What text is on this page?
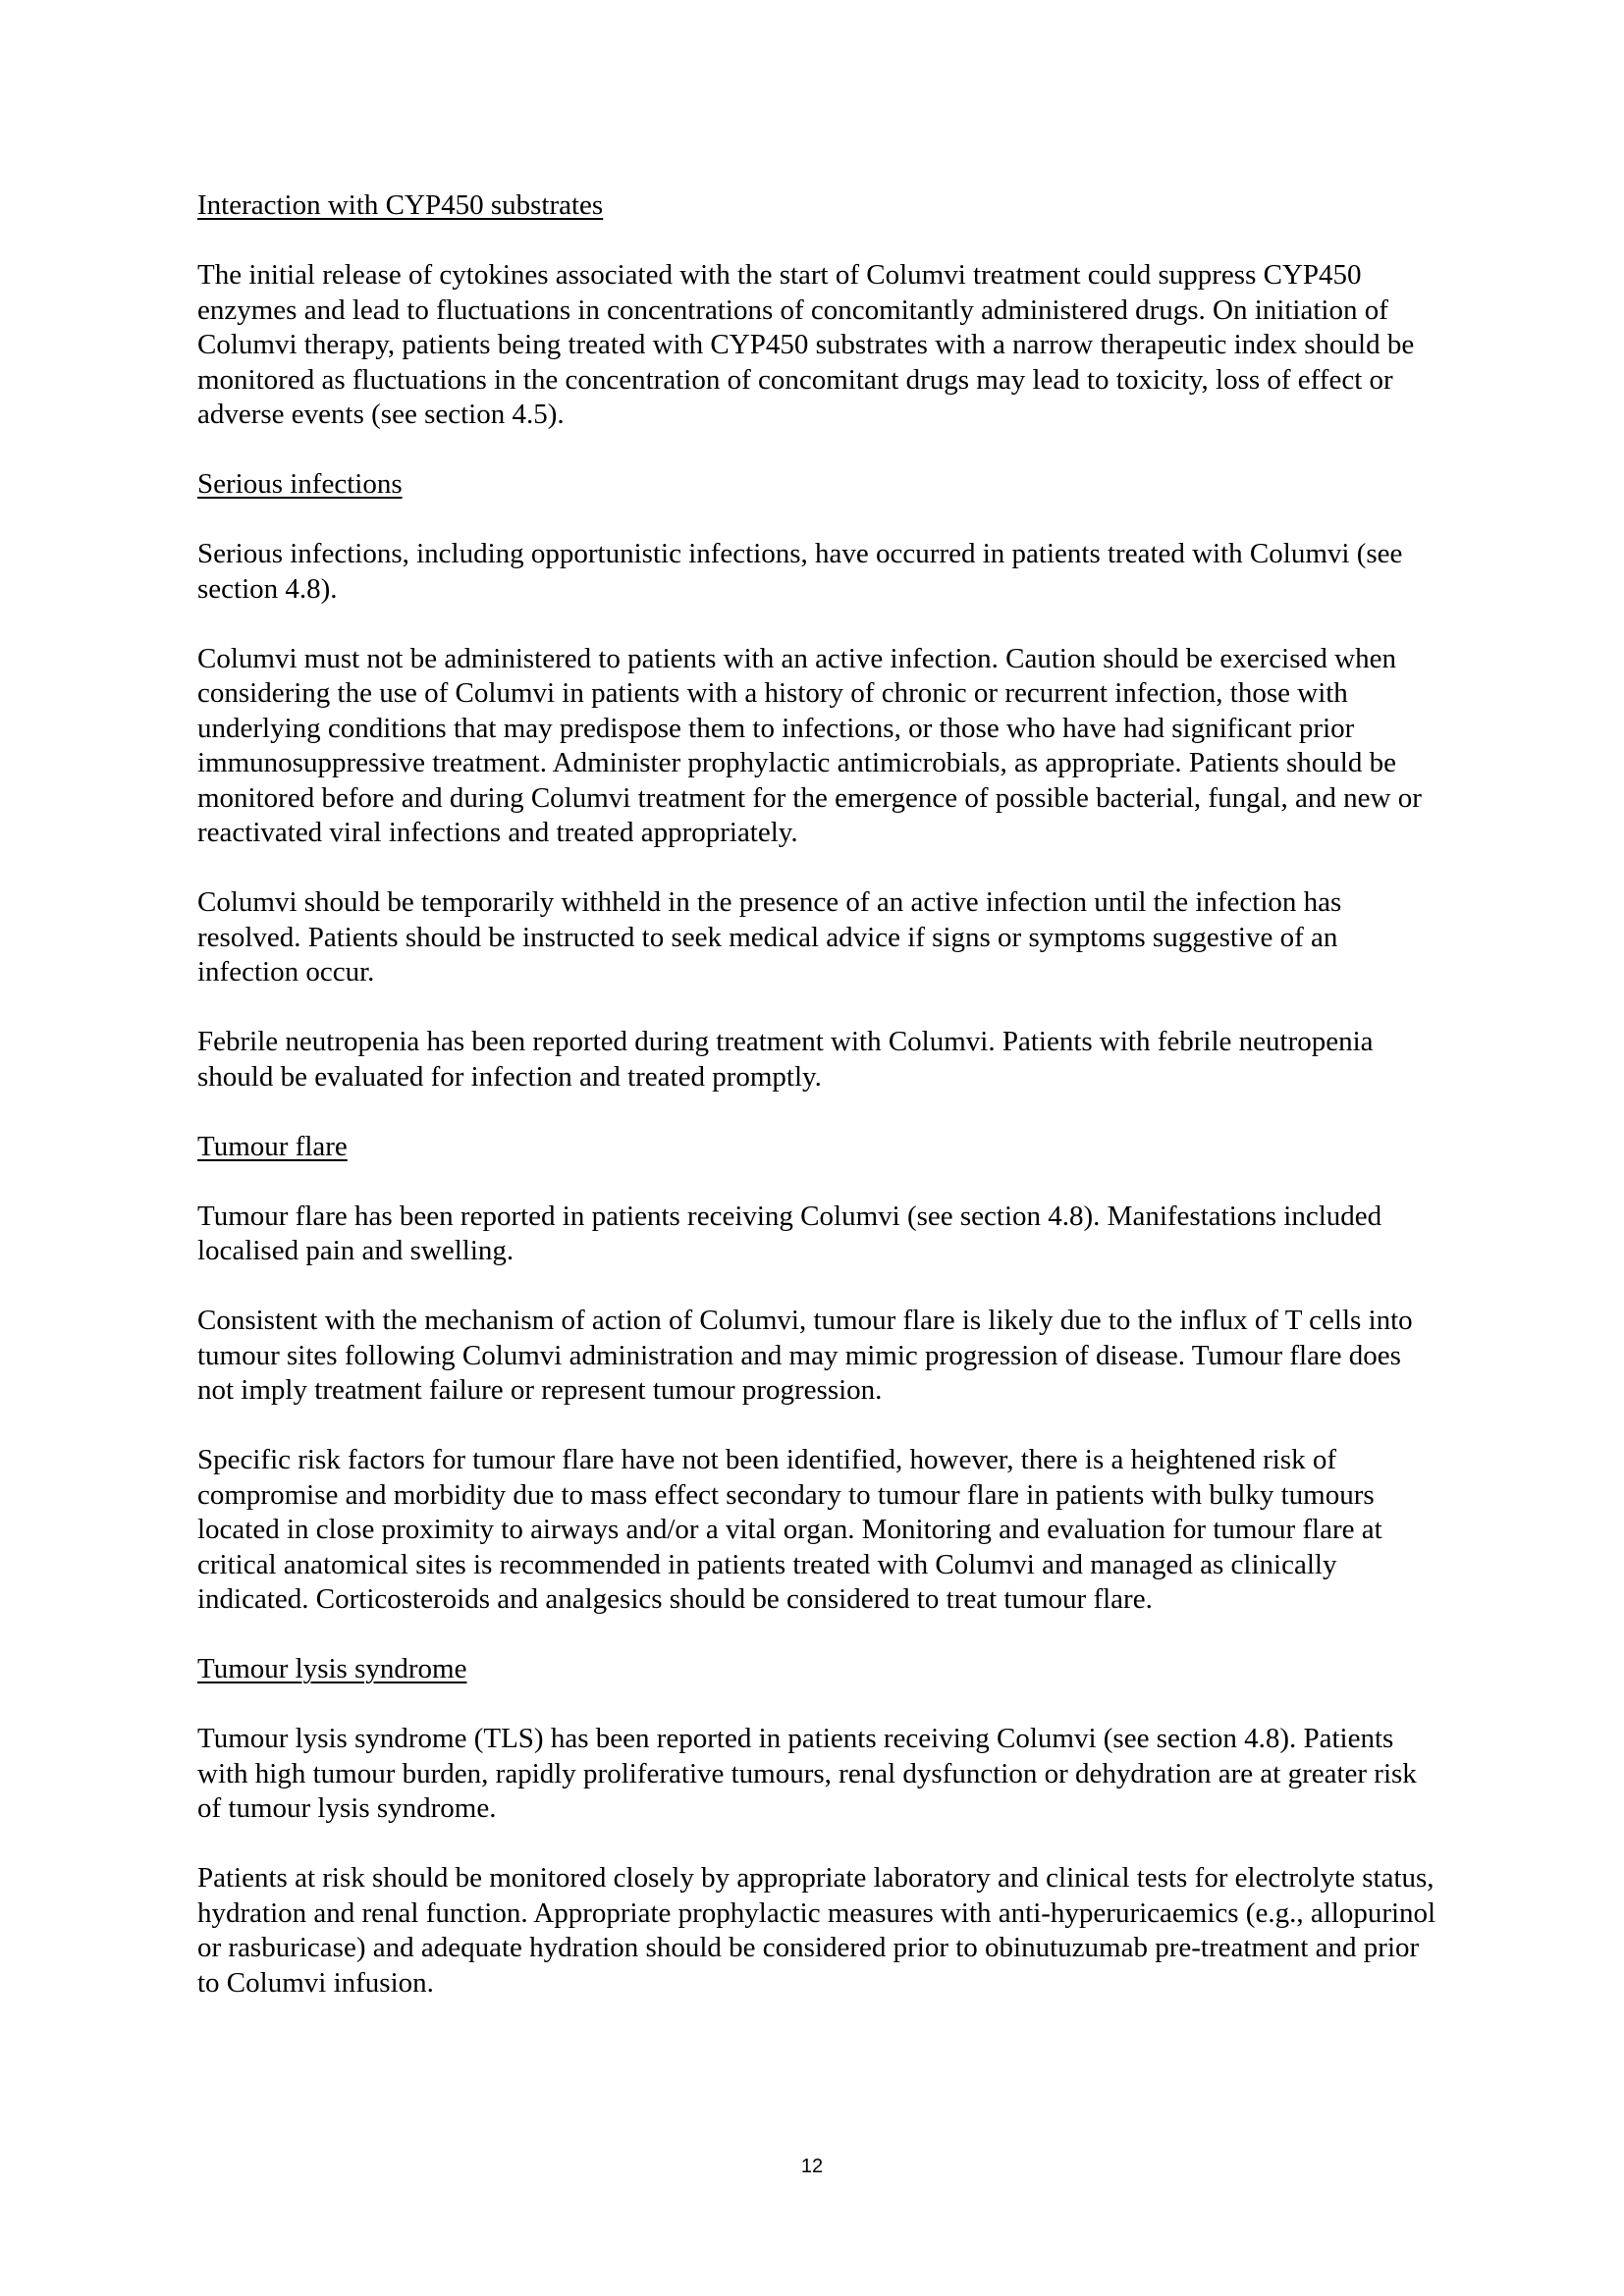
Interaction with CYP450 substrates
The initial release of cytokines associated with the start of Columvi treatment could suppress CYP450 enzymes and lead to fluctuations in concentrations of concomitantly administered drugs. On initiation of Columvi therapy, patients being treated with CYP450 substrates with a narrow therapeutic index should be monitored as fluctuations in the concentration of concomitant drugs may lead to toxicity, loss of effect or adverse events (see section 4.5).
Serious infections
Serious infections, including opportunistic infections, have occurred in patients treated with Columvi (see section 4.8).
Columvi must not be administered to patients with an active infection. Caution should be exercised when considering the use of Columvi in patients with a history of chronic or recurrent infection, those with underlying conditions that may predispose them to infections, or those who have had significant prior immunosuppressive treatment. Administer prophylactic antimicrobials, as appropriate. Patients should be monitored before and during Columvi treatment for the emergence of possible bacterial, fungal, and new or reactivated viral infections and treated appropriately.
Columvi should be temporarily withheld in the presence of an active infection until the infection has resolved. Patients should be instructed to seek medical advice if signs or symptoms suggestive of an infection occur.
Febrile neutropenia has been reported during treatment with Columvi. Patients with febrile neutropenia should be evaluated for infection and treated promptly.
Tumour flare
Tumour flare has been reported in patients receiving Columvi (see section 4.8). Manifestations included localised pain and swelling.
Consistent with the mechanism of action of Columvi, tumour flare is likely due to the influx of T cells into tumour sites following Columvi administration and may mimic progression of disease. Tumour flare does not imply treatment failure or represent tumour progression.
Specific risk factors for tumour flare have not been identified, however, there is a heightened risk of compromise and morbidity due to mass effect secondary to tumour flare in patients with bulky tumours located in close proximity to airways and/or a vital organ. Monitoring and evaluation for tumour flare at critical anatomical sites is recommended in patients treated with Columvi and managed as clinically indicated. Corticosteroids and analgesics should be considered to treat tumour flare.
Tumour lysis syndrome
Tumour lysis syndrome (TLS) has been reported in patients receiving Columvi (see section 4.8). Patients with high tumour burden, rapidly proliferative tumours, renal dysfunction or dehydration are at greater risk of tumour lysis syndrome.
Patients at risk should be monitored closely by appropriate laboratory and clinical tests for electrolyte status, hydration and renal function. Appropriate prophylactic measures with anti-hyperuricaemics (e.g., allopurinol or rasburicase) and adequate hydration should be considered prior to obinutuzumab pre-treatment and prior to Columvi infusion.
12
